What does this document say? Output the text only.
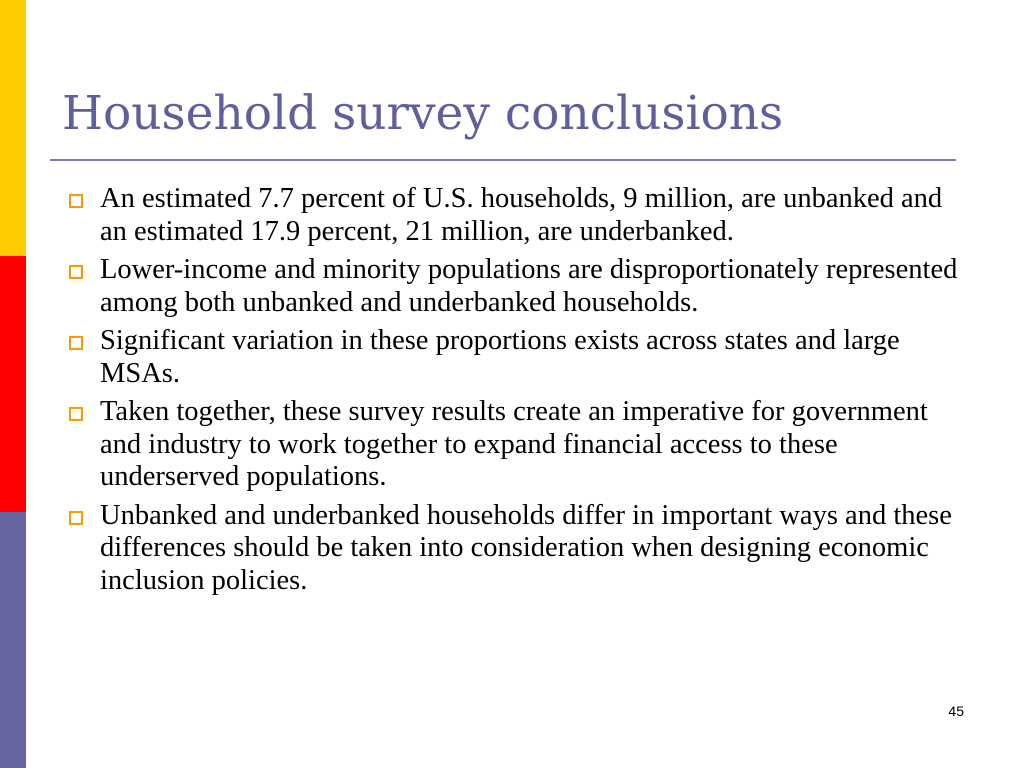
Household survey conclusions
An estimated 7.7 percent of U.S. households, 9 million, are unbanked and an estimated 17.9 percent, 21 million, are underbanked.
Lower-income and minority populations are disproportionately represented among both unbanked and underbanked households.
Significant variation in these proportions exists across states and large MSAs.
Taken together, these survey results create an imperative for government and industry to work together to expand financial access to these underserved populations.
Unbanked and underbanked households differ in important ways and these differences should be taken into consideration when designing economic inclusion policies.
45
